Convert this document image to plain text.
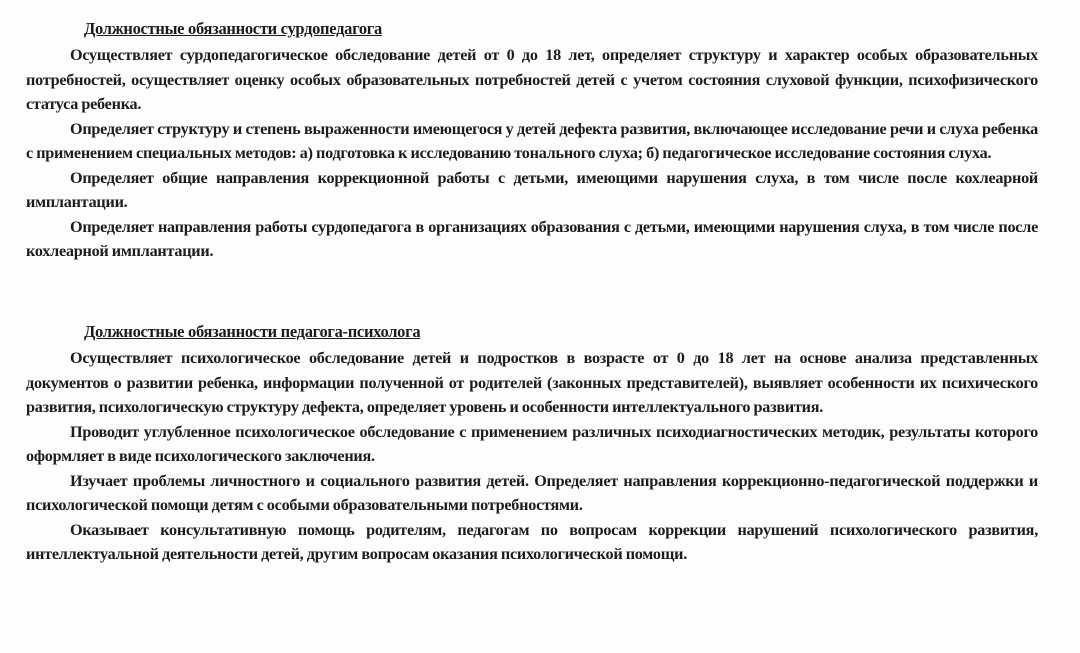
Должностные обязанности сурдопедагога

Осуществляет сурдопедагогическое обследование детей от 0 до 18 лет, определяет структуру и характер особых образовательных потребностей, осуществляет оценку особых образовательных потребностей детей с учетом состояния слуховой функции, психофизического статуса ребенка.

Определяет структуру и степень выраженности имеющегося у детей дефекта развития, включающее исследование речи и слуха ребенка с применением специальных методов: а) подготовка к исследованию тонального слуха; б) педагогическое исследование состояния слуха.

Определяет общие направления коррекционной работы с детьми, имеющими нарушения слуха, в том числе после кохлеарной имплантации.

Определяет направления работы сурдопедагога в организациях образования с детьми, имеющими нарушения слуха, в том числе после кохлеарной имплантации.

Должностные обязанности педагога-психолога

Осуществляет психологическое обследование детей и подростков в возрасте от 0 до 18 лет на основе анализа представленных документов о развитии ребенка, информации полученной от родителей (законных представителей), выявляет особенности их психического развития, психологическую структуру дефекта, определяет уровень и особенности интеллектуального развития.

Проводит углубленное психологическое обследование с применением различных психодиагностических методик, результаты которого оформляет в виде психологического заключения.

Изучает проблемы личностного и социального развития детей. Определяет направления коррекционно-педагогической поддержки и психологической помощи детям с особыми образовательными потребностями.

Оказывает консультативную помощь родителям, педагогам по вопросам коррекции нарушений психологического развития, интеллектуальной деятельности детей, другим вопросам оказания психологической помощи.
